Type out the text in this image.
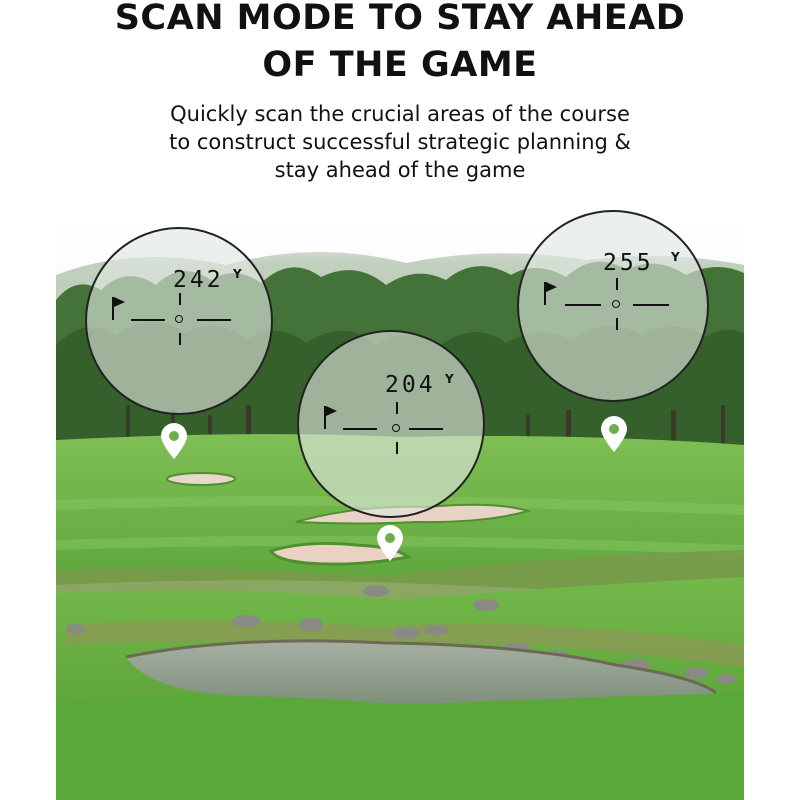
SCAN MODE TO STAY AHEAD
OF THE GAME
Quickly scan the crucial areas of the course
to construct successful strategic planning &
stay ahead of the game
242 Y
204 Y
255 Y
